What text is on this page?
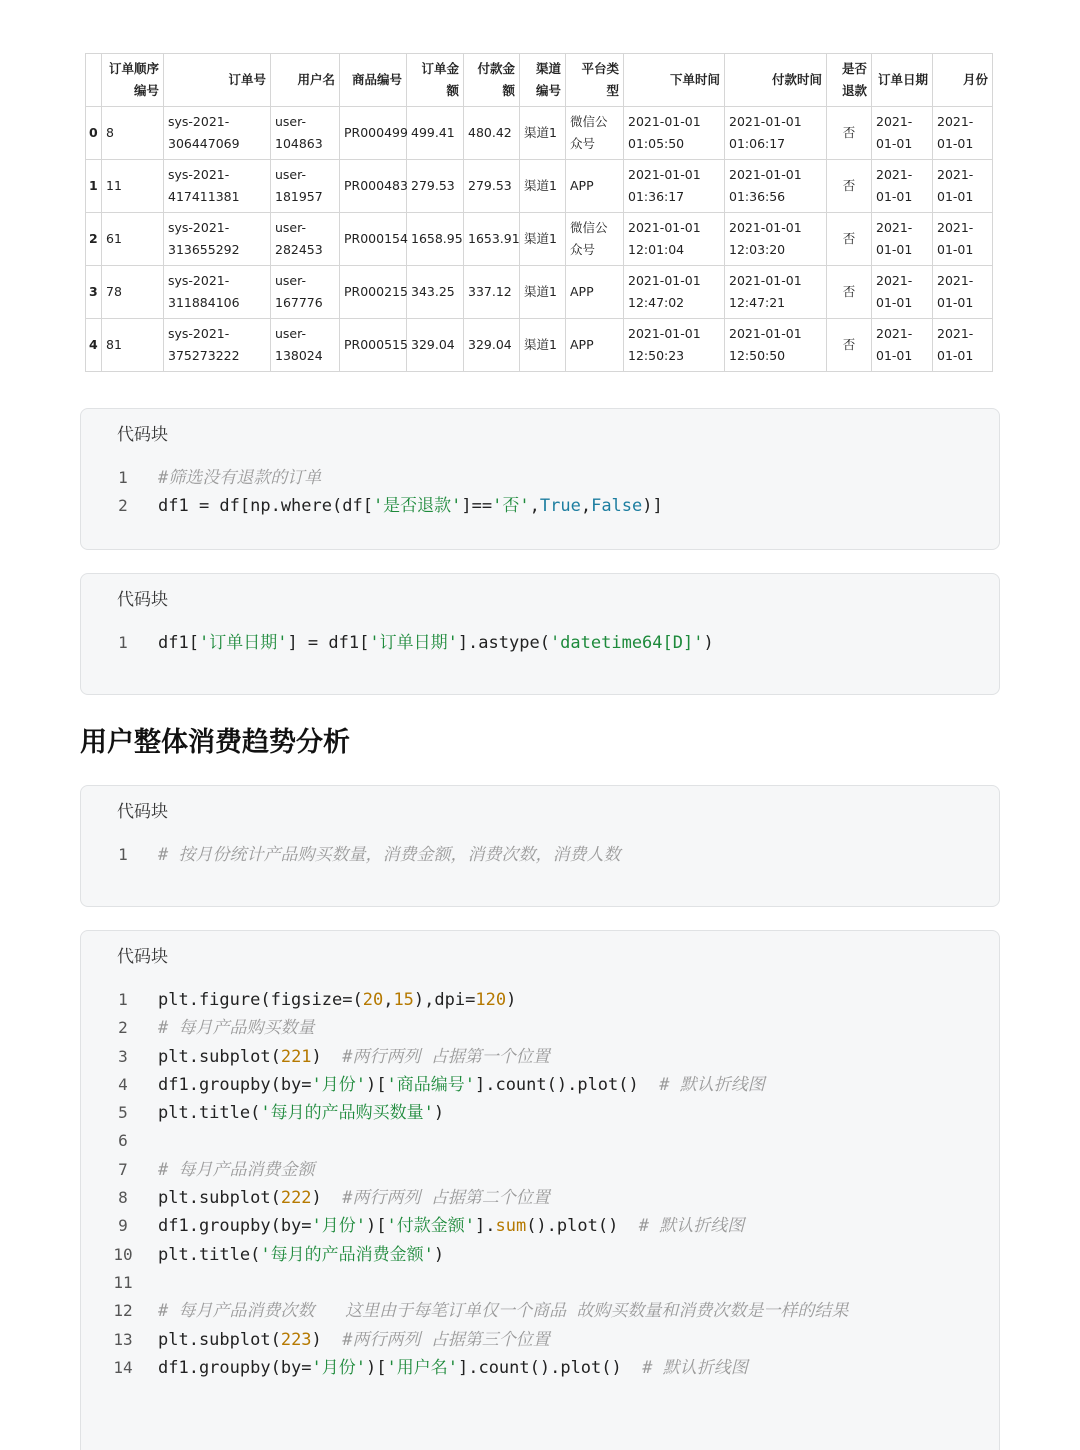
	订单顺序编号	订单号	用户名	商品编号	订单金额	付款金额	渠道编号	平台类型	下单时间	付款时间	是否退款	订单日期	月份
0	8	sys-2021-306447069	user-104863	PR000499	499.41	480.42	渠道1	微信公众号	2021-01-01 01:05:50	2021-01-01 01:06:17	否	2021-01-01	2021-01-01
1	11	sys-2021-417411381	user-181957	PR000483	279.53	279.53	渠道1	APP	2021-01-01 01:36:17	2021-01-01 01:36:56	否	2021-01-01	2021-01-01
2	61	sys-2021-313655292	user-282453	PR000154	1658.95	1653.91	渠道1	微信公众号	2021-01-01 12:01:04	2021-01-01 12:03:20	否	2021-01-01	2021-01-01
3	78	sys-2021-311884106	user-167776	PR000215	343.25	337.12	渠道1	APP	2021-01-01 12:47:02	2021-01-01 12:47:21	否	2021-01-01	2021-01-01
4	81	sys-2021-375273222	user-138024	PR000515	329.04	329.04	渠道1	APP	2021-01-01 12:50:23	2021-01-01 12:50:50	否	2021-01-01	2021-01-01
代码块
1	#筛选没有退款的订单
2	df1 = df[np.where(df['是否退款']=='否',True,False)]
代码块
1	df1['订单日期'] = df1['订单日期'].astype('datetime64[D]')
用户整体消费趋势分析
代码块
1	# 按月份统计产品购买数量，消费金额，消费次数，消费人数
代码块
1	plt.figure(figsize=(20,15),dpi=120)
2	# 每月产品购买数量
3	plt.subplot(221)  #两行两列 占据第一个位置
4	df1.groupby(by='月份')['商品编号'].count().plot()  # 默认折线图
5	plt.title('每月的产品购买数量')
6
7	# 每月产品消费金额
8	plt.subplot(222)  #两行两列 占据第二个位置
9	df1.groupby(by='月份')['付款金额'].sum().plot()  # 默认折线图
10	plt.title('每月的产品消费金额')
11
12	# 每月产品消费次数   这里由于每笔订单仅一个商品 故购买数量和消费次数是一样的结果
13	plt.subplot(223)  #两行两列 占据第三个位置
14	df1.groupby(by='月份')['用户名'].count().plot()  # 默认折线图
